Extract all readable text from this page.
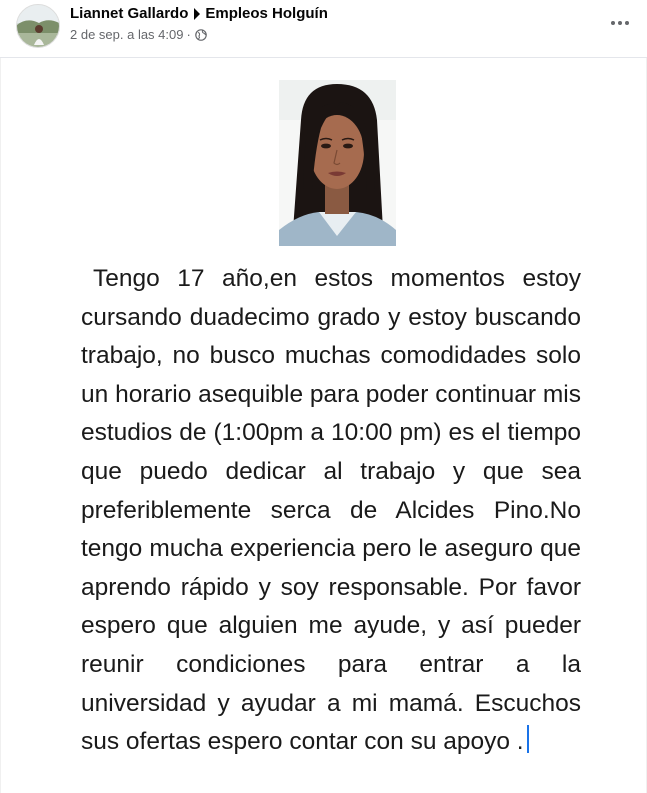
Liannet Gallardo Empleos Holguín
2 de sep. a las 4:09 ·

Tengo 17 año,en estos momentos estoy cursando duadecimo grado y estoy buscando trabajo, no busco muchas comodidades solo un horario asequible para poder continuar mis estudios de (1:00pm a 10:00 pm) es el tiempo que puedo dedicar al trabajo y que sea preferiblemente serca de Alcides Pino.No tengo mucha experiencia pero le aseguro que aprendo rápido y soy responsable. Por favor espero que alguien me ayude, y así pueder reunir condiciones para entrar a la universidad y ayudar a mi mamá. Escuchos sus ofertas espero contar con su apoyo .
